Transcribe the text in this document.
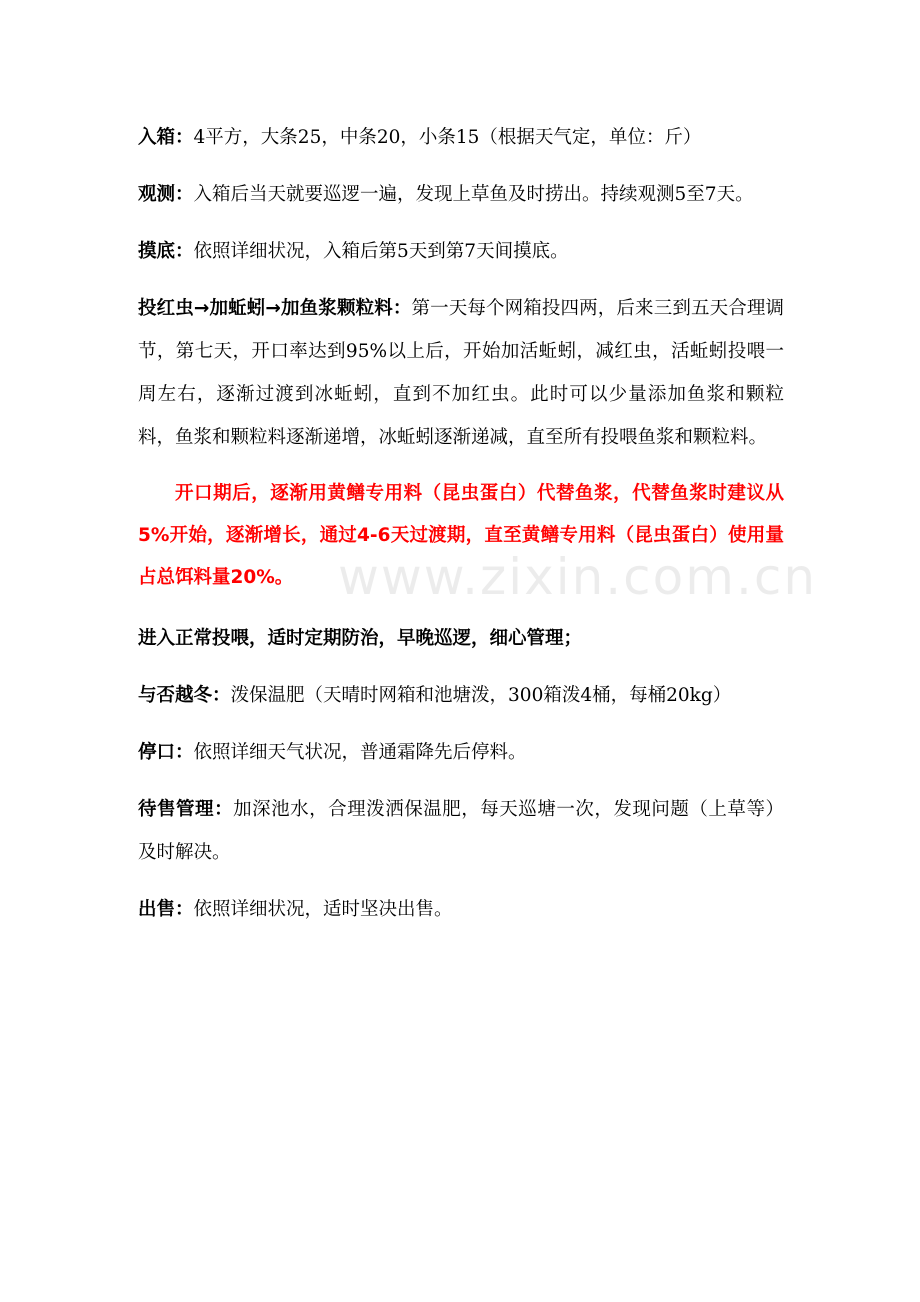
www.zixin.com.cn

入箱：4平方，大条25，中条20，小条15（根据天气定，单位：斤）

观测：入箱后当天就要巡逻一遍，发现上草鱼及时捞出。持续观测5至7天。

摸底：依照详细状况，入箱后第5天到第7天间摸底。

投红虫→加蚯蚓→加鱼浆颗粒料：第一天每个网箱投四两，后来三到五天合理调节，第七天，开口率达到95%以上后，开始加活蚯蚓，减红虫，活蚯蚓投喂一周左右，逐渐过渡到冰蚯蚓，直到不加红虫。此时可以少量添加鱼浆和颗粒料，鱼浆和颗粒料逐渐递增，冰蚯蚓逐渐递减，直至所有投喂鱼浆和颗粒料。

开口期后，逐渐用黄鳝专用料（昆虫蛋白）代替鱼浆，代替鱼浆时建议从5%开始，逐渐增长，通过4-6天过渡期，直至黄鳝专用料（昆虫蛋白）使用量占总饵料量20%。

进入正常投喂，适时定期防治，早晚巡逻，细心管理；

与否越冬：泼保温肥（天晴时网箱和池塘泼，300箱泼4桶，每桶20kg）

停口：依照详细天气状况，普通霜降先后停料。

待售管理：加深池水，合理泼洒保温肥，每天巡塘一次，发现问题（上草等）及时解决。

出售：依照详细状况，适时坚决出售。
